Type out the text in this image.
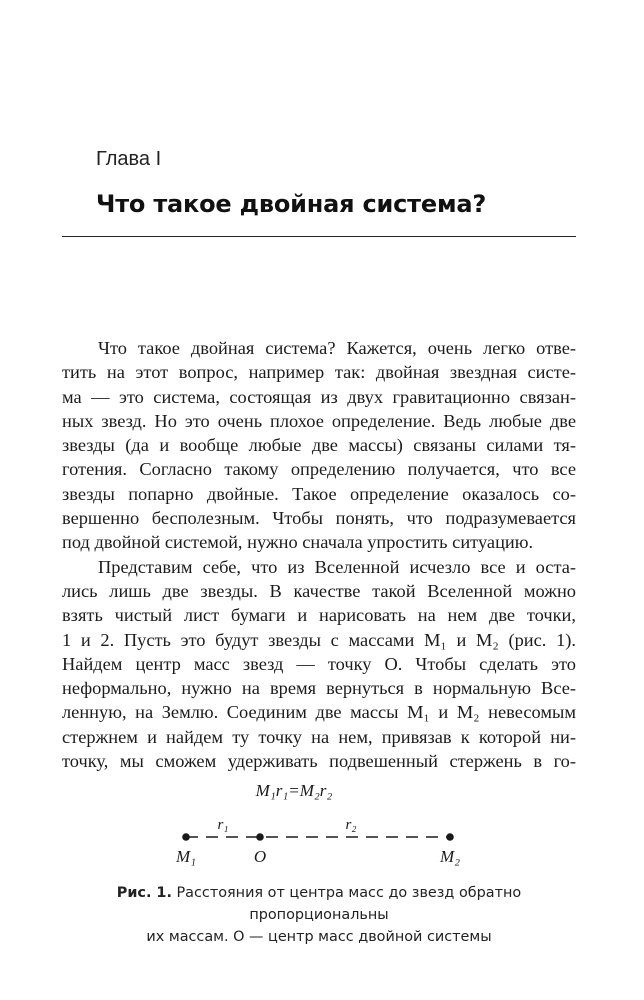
Глава I
Что такое двойная система?
Что такое двойная система? Кажется, очень легко отве-
тить на этот вопрос, например так: двойная звездная систе-
ма — это система, состоящая из двух гравитационно связан-
ных звезд. Но это очень плохое определение. Ведь любые две
звезды (да и вообще любые две массы) связаны силами тя-
готения. Согласно такому определению получается, что все
звезды попарно двойные. Такое определение оказалось со-
вершенно бесполезным. Чтобы понять, что подразумевается
под двойной системой, нужно сначала упростить ситуацию.
Представим себе, что из Вселенной исчезло все и оста-
лись лишь две звезды. В качестве такой Вселенной можно
взять чистый лист бумаги и нарисовать на нем две точки,
1 и 2. Пусть это будут звезды с массами M₁ и M₂ (рис. 1).
Найдем центр масс звезд — точку O. Чтобы сделать это
неформально, нужно на время вернуться в нормальную Все-
ленную, на Землю. Соединим две массы M₁ и M₂ невесомым
стержнем и найдем ту точку на нем, привязав к которой ни-
точку, мы сможем удерживать подвешенный стержень в го-
M₁r₁=M₂r₂
r₁	r₂
M₁	O	M₂
Рис. 1. Расстояния от центра масс до звезд обратно пропорциональны
их массам. O — центр масс двойной системы
